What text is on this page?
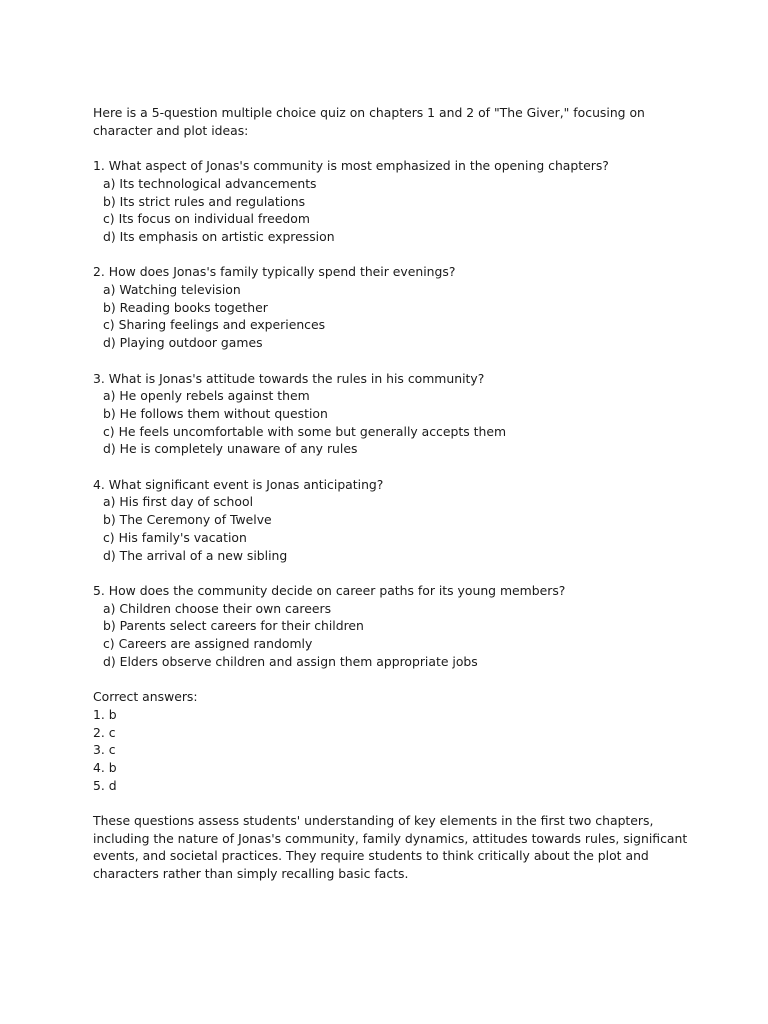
Here is a 5-question multiple choice quiz on chapters 1 and 2 of "The Giver," focusing on character and plot ideas:

1. What aspect of Jonas's community is most emphasized in the opening chapters?
a) Its technological advancements
b) Its strict rules and regulations
c) Its focus on individual freedom
d) Its emphasis on artistic expression
2. How does Jonas's family typically spend their evenings?
a) Watching television
b) Reading books together
c) Sharing feelings and experiences
d) Playing outdoor games
3. What is Jonas's attitude towards the rules in his community?
a) He openly rebels against them
b) He follows them without question
c) He feels uncomfortable with some but generally accepts them
d) He is completely unaware of any rules
4. What significant event is Jonas anticipating?
a) His first day of school
b) The Ceremony of Twelve
c) His family's vacation
d) The arrival of a new sibling
5. How does the community decide on career paths for its young members?
a) Children choose their own careers
b) Parents select careers for their children
c) Careers are assigned randomly
d) Elders observe children and assign them appropriate jobs
Correct answers:
1. b
2. c
3. c
4. b
5. d

These questions assess students' understanding of key elements in the first two chapters, including the nature of Jonas's community, family dynamics, attitudes towards rules, significant events, and societal practices. They require students to think critically about the plot and characters rather than simply recalling basic facts.
